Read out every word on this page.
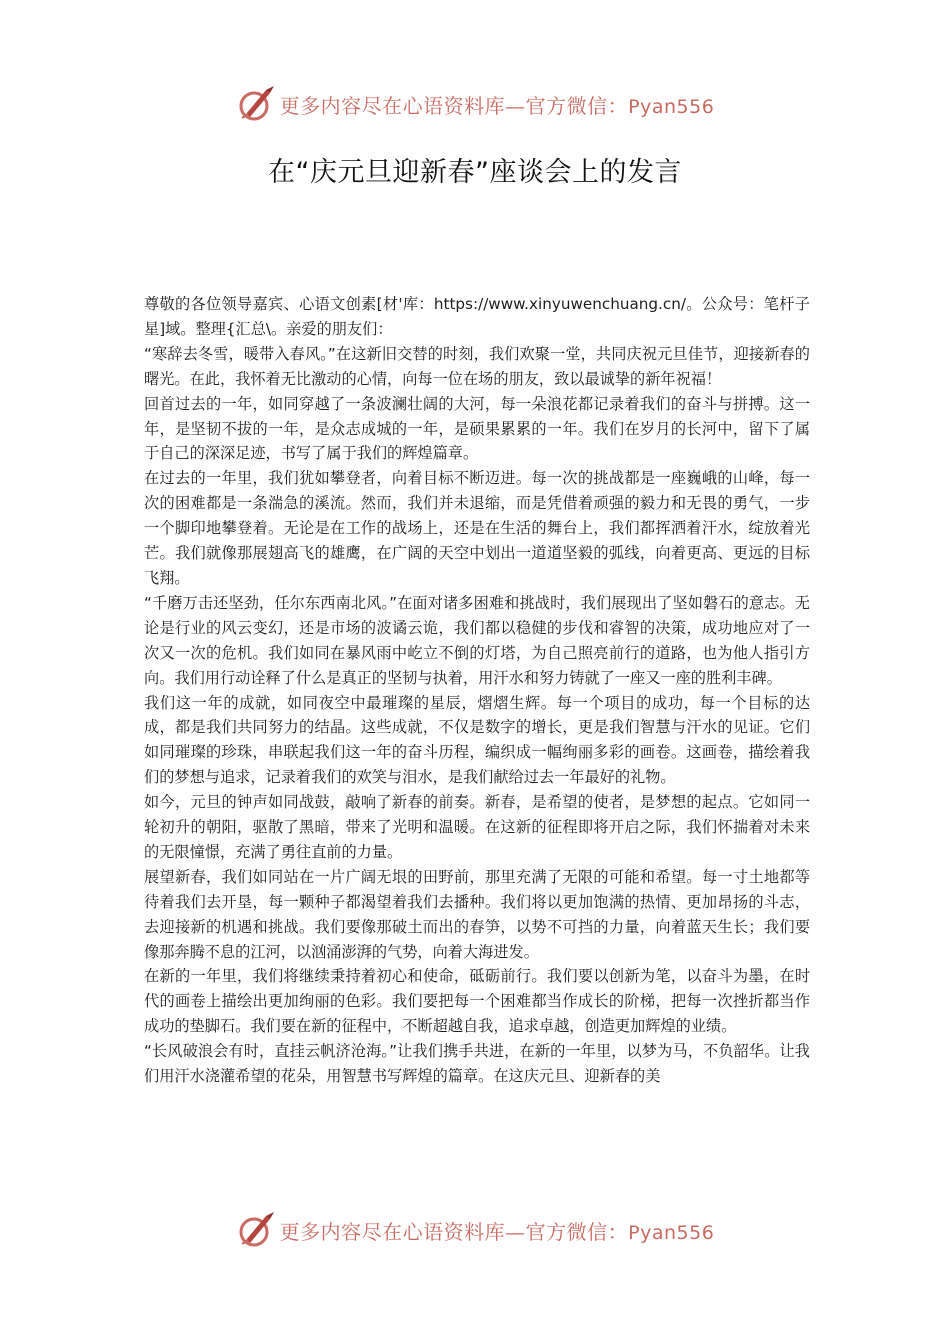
更多内容尽在心语资料库—官方微信：Pyan556
在“庆元旦迎新春”座谈会上的发言

尊敬的各位领导嘉宾、心语文创素[材'库：https://www.xinyuwenchuang.cn/。公众号：笔杆子星]域。整理{汇总\。亲爱的朋友们：

“寒辞去冬雪，暖带入春风。”在这新旧交替的时刻，我们欢聚一堂，共同庆祝元旦佳节，迎接新春的曙光。在此，我怀着无比激动的心情，向每一位在场的朋友，致以最诚挚的新年祝福！

回首过去的一年，如同穿越了一条波澜壮阔的大河，每一朵浪花都记录着我们的奋斗与拼搏。这一年，是坚韧不拔的一年，是众志成城的一年，是硕果累累的一年。我们在岁月的长河中，留下了属于自己的深深足迹，书写了属于我们的辉煌篇章。

在过去的一年里，我们犹如攀登者，向着目标不断迈进。每一次的挑战都是一座巍峨的山峰，每一次的困难都是一条湍急的溪流。然而，我们并未退缩，而是凭借着顽强的毅力和无畏的勇气，一步一个脚印地攀登着。无论是在工作的战场上，还是在生活的舞台上，我们都挥洒着汗水，绽放着光芒。我们就像那展翅高飞的雄鹰，在广阔的天空中划出一道道坚毅的弧线，向着更高、更远的目标飞翔。

“千磨万击还坚劲，任尔东西南北风。”在面对诸多困难和挑战时，我们展现出了坚如磐石的意志。无论是行业的风云变幻，还是市场的波谲云诡，我们都以稳健的步伐和睿智的决策，成功地应对了一次又一次的危机。我们如同在暴风雨中屹立不倒的灯塔，为自己照亮前行的道路，也为他人指引方向。我们用行动诠释了什么是真正的坚韧与执着，用汗水和努力铸就了一座又一座的胜利丰碑。

我们这一年的成就，如同夜空中最璀璨的星辰，熠熠生辉。每一个项目的成功，每一个目标的达成，都是我们共同努力的结晶。这些成就，不仅是数字的增长，更是我们智慧与汗水的见证。它们如同璀璨的珍珠，串联起我们这一年的奋斗历程，编织成一幅绚丽多彩的画卷。这画卷，描绘着我们的梦想与追求，记录着我们的欢笑与泪水，是我们献给过去一年最好的礼物。

如今，元旦的钟声如同战鼓，敲响了新春的前奏。新春，是希望的使者，是梦想的起点。它如同一轮初升的朝阳，驱散了黑暗，带来了光明和温暖。在这新的征程即将开启之际，我们怀揣着对未来的无限憧憬，充满了勇往直前的力量。

展望新春，我们如同站在一片广阔无垠的田野前，那里充满了无限的可能和希望。每一寸土地都等待着我们去开垦，每一颗种子都渴望着我们去播种。我们将以更加饱满的热情、更加昂扬的斗志，去迎接新的机遇和挑战。我们要像那破土而出的春笋，以势不可挡的力量，向着蓝天生长；我们要像那奔腾不息的江河，以汹涌澎湃的气势，向着大海进发。

在新的一年里，我们将继续秉持着初心和使命，砥砺前行。我们要以创新为笔，以奋斗为墨，在时代的画卷上描绘出更加绚丽的色彩。我们要把每一个困难都当作成长的阶梯，把每一次挫折都当作成功的垫脚石。我们要在新的征程中，不断超越自我，追求卓越，创造更加辉煌的业绩。

“长风破浪会有时，直挂云帆济沧海。”让我们携手共进，在新的一年里，以梦为马，不负韶华。让我们用汗水浇灌希望的花朵，用智慧书写辉煌的篇章。在这庆元旦、迎新春的美

更多内容尽在心语资料库—官方微信：Pyan556
